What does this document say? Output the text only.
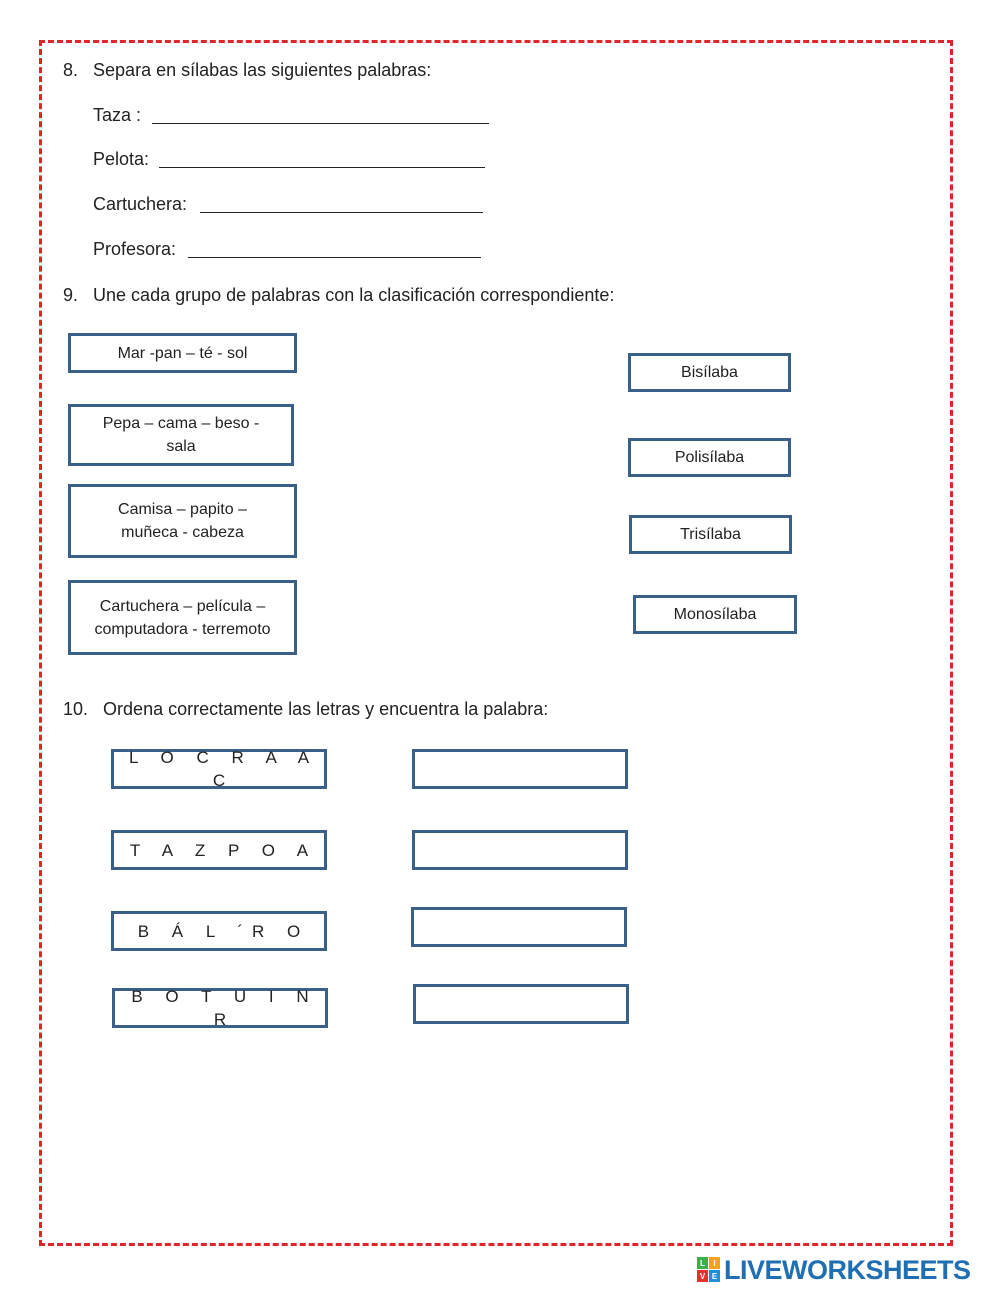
8. Separa en sílabas las siguientes palabras:
Taza :
Pelota:
Cartuchera:
Profesora:
9. Une cada grupo de palabras con la clasificación correspondiente:
Mar -pan – té - sol
Pepa – cama – beso - sala
Camisa – papito – muñeca - cabeza
Cartuchera – película – computadora - terremoto
Bisílaba
Polisílaba
Trisílaba
Monosílaba
10. Ordena correctamente las letras y encuentra la palabra:
L O C R A A C
T A Z P O A
B Á L ´R O
B O T U I N R
L	I
V E LIVEWORKSHEETS
